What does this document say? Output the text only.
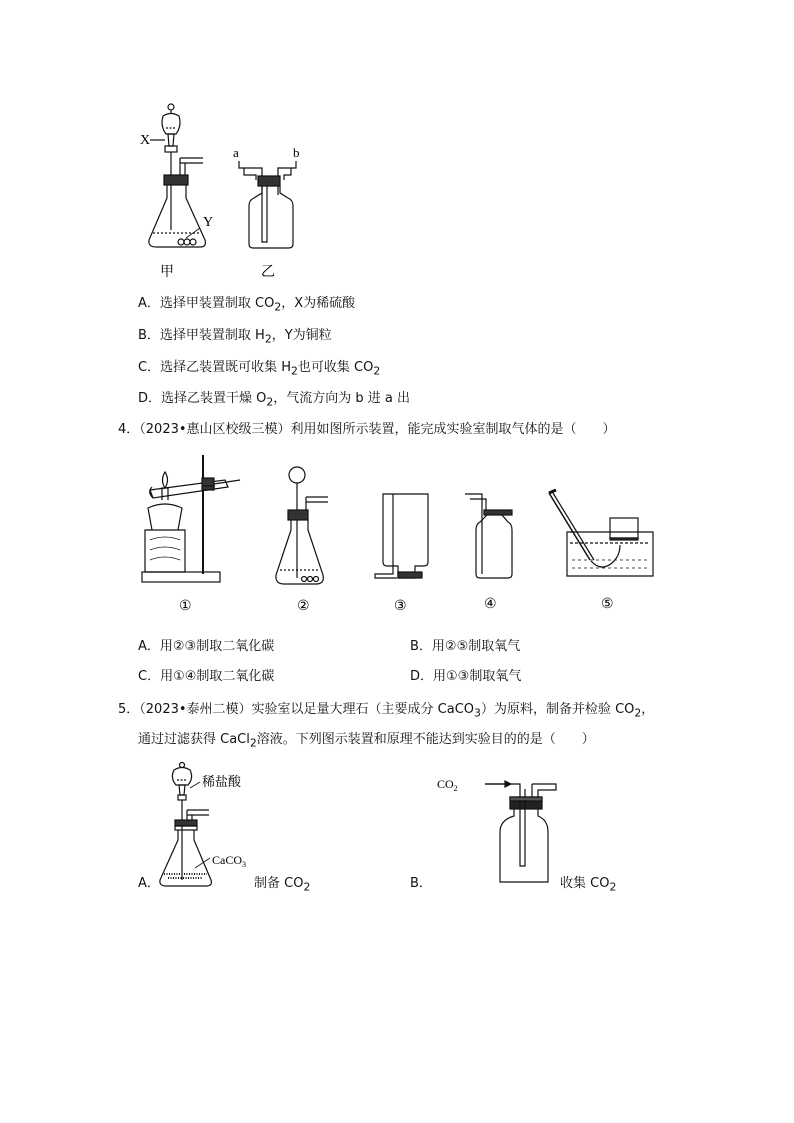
X
Y
a	b
甲	乙
A．选择甲装置制取 $CO_2$，X为稀硫酸
B．选择甲装置制取 $H_2$，Y为铜粒
C．选择乙装置既可收集 $H_2$也可收集 $CO_2$
D．选择乙装置干燥 $O_2$，气流方向为 b 进 a 出
4．（2023•惠山区校级三模）利用如图所示装置，能完成实验室制取气体的是（　　）
①	②	③	④	⑤
A．用②③制取二氧化碳	B．用②⑤制取氧气
C．用①④制取二氧化碳	D．用①③制取氧气
5．（2023•泰州二模）实验室以足量大理石（主要成分 CaCO$_3$）为原料，制备并检验 $CO_2$，
通过过滤获得 CaCl$_2$溶液。下列图示装置和原理不能达到实验目的的是（　　）
稀盐酸
CaCO$_3$
$CO_2$
A．	制备 $CO_2$	B．	收集 $CO_2$
